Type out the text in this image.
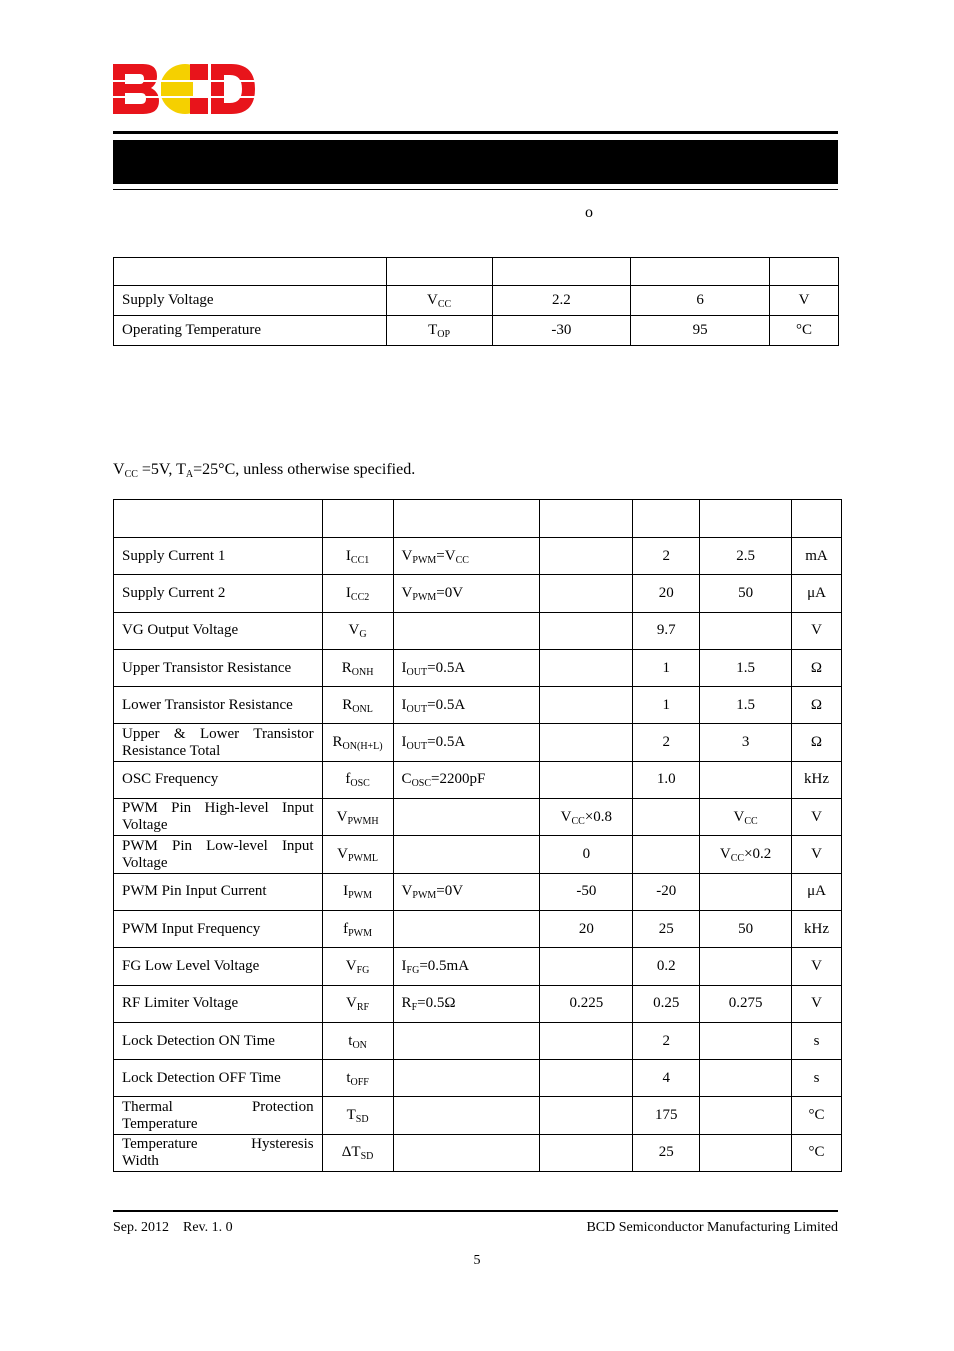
o

Supply Voltage	$V_{CC}$	2.2	6	V
Operating Temperature	$T_{OP}$	-30	95	°C
$V_{CC} =5V$, $T_A=25^\circ C$, unless otherwise specified.

Supply Current 1	$I_{CC1}$	$V_{PWM}=V_{CC}$		2	2.5	mA
Supply Current 2	$I_{CC2}$	$V_{PWM}=0V$		20	50	μA
VG Output Voltage	$V_G$			9.7		V
Upper Transistor Resistance	$R_{ONH}$	$I_{OUT}=0.5A$		1	1.5	Ω
Lower Transistor Resistance	$R_{ONL}$	$I_{OUT}=0.5A$		1	1.5	Ω

Upper & Lower Transistor
Resistance Total	$R_{ON(H+L)}$	$I_{OUT}=0.5A$		2	3	Ω
OSC Frequency	$f_{OSC}$	$C_{OSC}=2200pF$		1.0		kHz

PWM Pin High-level Input
Voltage	$V_{PWMH}$		$V_{CC}\times 0.8$		$V_{CC}$	V

PWM Pin Low-level Input
Voltage	$V_{PWML}$		0		$V_{CC}\times 0.2$	V
PWM Pin Input Current	$I_{PWM}$	$V_{PWM}=0V$	-50	-20		μA
PWM Input Frequency	$f_{PWM}$		20	25	50	kHz
FG Low Level Voltage	$V_{FG}$	$I_{FG}=0.5mA$		0.2		V
RF Limiter Voltage	$V_{RF}$	$R_F=0.5\Omega$	0.225	0.25	0.275	V
Lock Detection ON Time	$t_{ON}$			2		s
Lock Detection OFF Time	$t_{OFF}$			4		s

Thermal Protection
Temperature	$T_{SD}$			175		°C

Temperature Hysteresis
Width	$\Delta T_{SD}$			25		°C
Sep. 2012    Rev. 1. 0	BCD Semiconductor Manufacturing Limited
5
